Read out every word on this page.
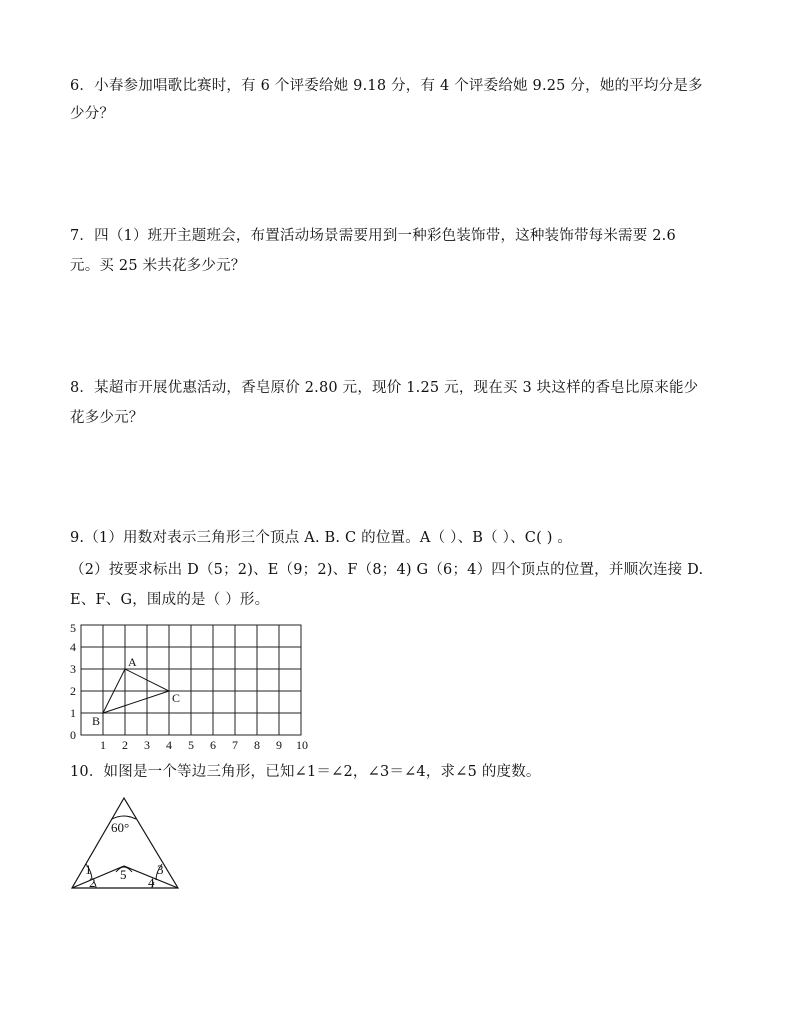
6．小春参加唱歌比赛时，有 6 个评委给她 9.18 分，有 4 个评委给她 9.25 分，她的平均分是多
少分？
7．四（1）班开主题班会，布置活动场景需要用到一种彩色装饰带，这种装饰带每米需要 2.6
元。买 25 米共花多少元？
8．某超市开展优惠活动，香皂原价 2.80 元，现价 1.25 元，现在买 3 块这样的香皂比原来能少
花多少元？
9.（1）用数对表示三角形三个顶点 A. B. C 的位置。A（ ）、B（ ）、C( ) 。
（2）按要求标出 D（5；2)、E（9；2)、F（8；4) G（6；4）四个顶点的位置，并顺次连接 D.
E、F、G，围成的是（ ）形。
0
1
2
3
4
5
1 2 3 4 5 6 7 8 9 10
A
B
C
10．如图是一个等边三角形，已知∠1＝∠2，∠3＝∠4，求∠5 的度数。
60°
1
2
3
4
5
